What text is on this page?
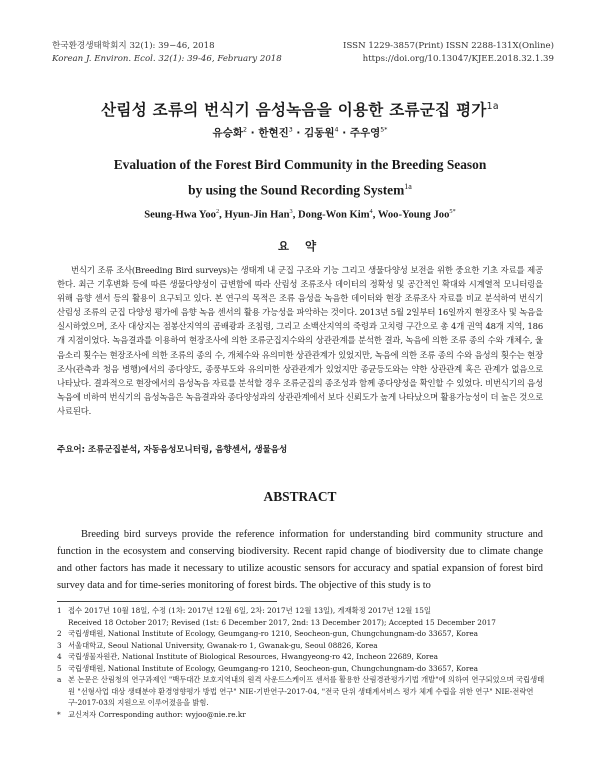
한국환경생태학회지 32(1): 39−46, 2018
Korean J. Environ. Ecol. 32(1): 39-46, February 2018
ISSN 1229-3857(Print) ISSN 2288-131X(Online)
https://doi.org/10.13047/KJEE.2018.32.1.39
산림성 조류의 번식기 음성녹음을 이용한 조류군집 평가$^{1a}$
유승화$^2$ · 한현진$^3$ · 김동원$^4$ · 주우영$^{5*}$
Evaluation of the Forest Bird Community in the Breeding Season
by using the Sound Recording System$^{1a}$
Seung-Hwa Yoo$^2$, Hyun-Jin Han$^3$, Dong-Won Kim$^4$, Woo-Young Joo$^{5*}$
요 약
번식기 조류 조사(Breeding Bird surveys)는 생태계 내 군집 구조와 기능 그리고 생물다양성 보전을 위한 중요한 기초 자료를 제공한다. 최근 기후변화 등에 따른 생물다양성이 급변함에 따라 산림성 조류조사 데이터의 정확성 및 공간적인 확대와 시계열적 모니터링을 위해 음향 센서 등의 활용이 요구되고 있다. 본 연구의 목적은 조류 음성을 녹음한 데이터와 현장 조류조사 자료를 비교 분석하여 번식기 산림성 조류의 군집 다양성 평가에 음향 녹음 센서의 활용 가능성을 파악하는 것이다. 2013년 5월 2일부터 16일까지 현장조사 및 녹음을 실시하였으며, 조사 대상지는 점봉산지역의 곰배광과 조침령, 그리고 소백산지역의 죽령과 고치령 구간으로 총 4개 권역 48개 지역, 186개 지점이었다. 녹음결과를 이용하여 현장조사에 의한 조류군집지수와의 상관관계를 분석한 결과, 녹음에 의한 조류 종의 수와 개체수, 울음소리 횟수는 현장조사에 의한 조류의 종의 수, 개체수와 유의미한 상관관계가 있었지만, 녹음에 의한 조류 종의 수와 음성의 횟수는 현장조사(관측과 청음 병행)에서의 종다양도, 종풍부도와 유의미한 상관관계가 있었지만 종균등도와는 약한 상관관계 혹은 관계가 없음으로 나타났다. 결과적으로 현장에서의 음성녹음 자료를 분석할 경우 조류군집의 종조성과 함께 종다양성을 확인할 수 있었다. 비번식기의 음성녹음에 비하여 번식기의 음성녹음은 녹음결과와 종다양성과의 상관관계에서 보다 신뢰도가 높게 나타났으며 활용가능성이 더 높은 것으로 사료된다.
주요어: 조류군집분석, 자동음성모니터링, 음향센서, 생물음성
ABSTRACT
Breeding bird surveys provide the reference information for understanding bird community structure and function in the ecosystem and conserving biodiversity. Recent rapid change of biodiversity due to climate change and other factors has made it necessary to utilize acoustic sensors for accuracy and spatial expansion of forest bird survey data and for time-series monitoring of forest birds. The objective of this study is to
1 접수 2017년 10월 18일, 수정 (1차: 2017년 12월 6일, 2차: 2017년 12월 13일), 게재확정 2017년 12월 15일
Received 18 October 2017; Revised (1st: 6 December 2017, 2nd: 13 December 2017); Accepted 15 December 2017
2 국립생태원, National Institute of Ecology, Geumgang-ro 1210, Seocheon-gun, Chungchungnam-do 33657, Korea
3 서울대학교, Seoul National University, Gwanak-ro 1, Gwanak-gu, Seoul 08826, Korea
4 국립생물자원관, National Institute of Biological Resources, Hwangyeong-ro 42, Incheon 22689, Korea
5 국립생태원, National Institute of Ecology, Geumgang-ro 1210, Seocheon-gun, Chungchungnam-do 33657, Korea
a 본 논문은 산림청의 연구과제인 "백두대간 보호지역내의 원격 사운드스케이프 센서를 활용한 산림경관평가기법 개발"에 의하여 연구되었으며 국립생태원 "선형사업 대상 생태분야 환경영향평가 방법 연구" NIE-기반연구-2017-04, "전국 단위 생태계서비스 평가 체계 수립을 위한 연구" NIE-전략연구-2017-03의 지원으로 이루어졌음을 밝힘.
* 교신저자 Corresponding author: wyjoo@nie.re.kr
